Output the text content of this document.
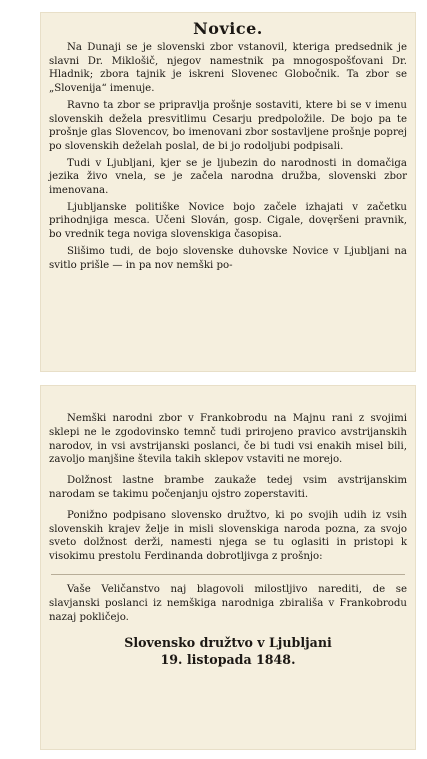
Novice.

Na Dunaji se je slovenski zbor vstanovil, kteriga predsednik je slavni Dr. Miklošič, njegov namestnik pa mnogospošťovani Dr. Hladnik; zbora tajnik je iskreni Slovenec Globočnik. Ta zbor se „Slovenija“ imenuje.

Ravno ta zbor se pripravlja prošnje sostaviti, ktere bi se v imenu slovenskih dežela presvitlimu Cesarju predpoložile. De bojo pa te prošnje glas Slovencov, bo imenovani zbor sostavljene prošnje poprej po slovenskih deželah poslal, de bi jo rodoljubi podpisali.

Tudi v Ljubljani, kjer se je ljubezin do narodnosti in domačiga jezika živo vnela, se je začela narodna družba, slovenski zbor imenovana.

Ljubljanske politiške Novice bojo začele izhajati v začetku prihodnjiga mesca. Učeni Slován, gosp. Cigale, dovęršeni pravnik, bo vrednik tega noviga slovenskiga časopisa.

Slišimo tudi, de bojo slovenske duhovske Novice v Ljubljani na svitlo prišle — in pa nov nemški po-

Nemški narodni zbor v Frankobrodu na Majnu rani z svojimi sklepi ne le zgodovinsko temnč tudi prirojeno pravico avstrijanskih narodov, in vsi avstrijanski poslanci, če bi tudi vsi enakih misel bili, zavoljo manjšine števila takih sklepov vstaviti ne morejo.

Dolžnost lastne brambe zaukaže tedej vsim avstrijanskim narodam se takimu počenjanju ojstro zoperstaviti.

Ponižno podpisano slovensko družtvo, ki po svojih udih iz vsih slovenskih krajev želje in misli slovenskiga naroda pozna, za svojo sveto dolžnost derži, namesti njega se tu oglasiti in pristopi k visokimu prestolu Ferdinanda dobrotljivga z prošnjo:

Vaše Veličanstvo naj blagovoli milostljivo narediti, de se slavjanski poslanci iz nemškiga narodniga zbirališa v Frankobrodu nazaj pokličejo.

Slovensko družtvo v Ljubljani
19. listopada 1848.
